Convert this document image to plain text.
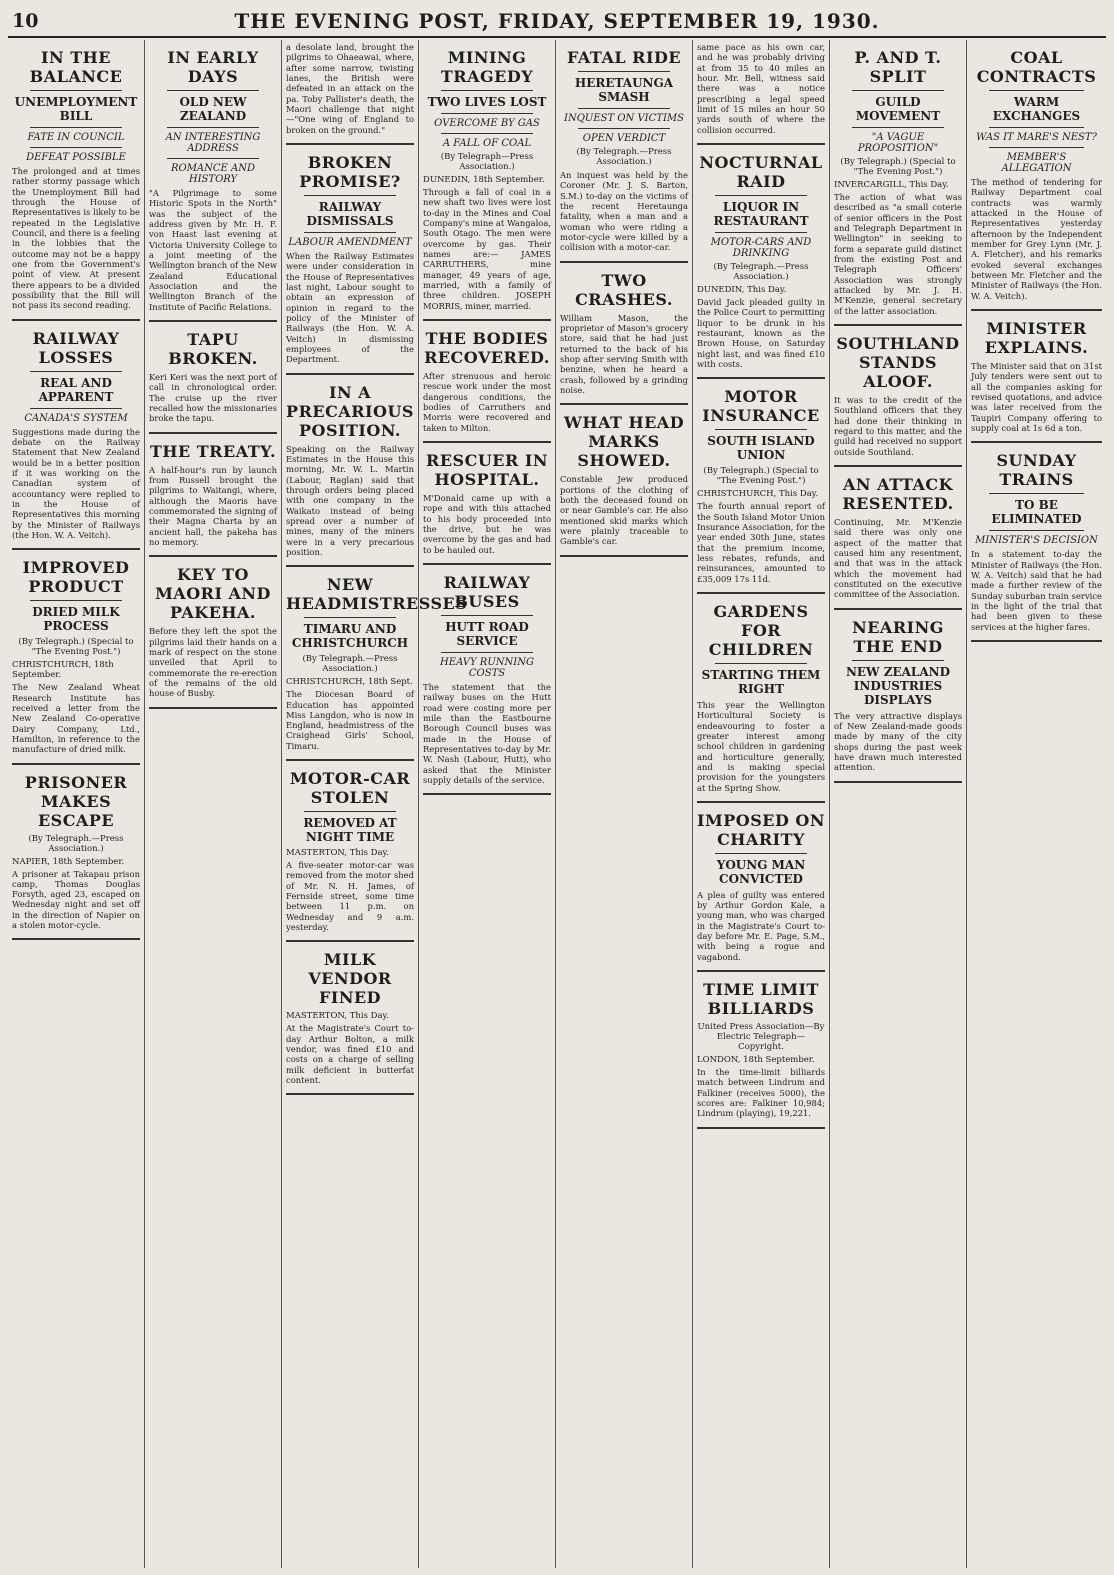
10	THE EVENING POST, FRIDAY, SEPTEMBER 19, 1930.
IN THE BALANCE
UNEMPLOYMENT BILL
FATE IN COUNCIL
DEFEAT POSSIBLE
The prolonged and at times rather stormy passage which the Unemployment Bill had through the House of Representatives is likely to be repeated in the Legislative Council, and there is a feeling in the lobbies that the outcome may not be a happy one from the Government's point of view. At present there appears to be a divided possibility that the Bill will not pass its second reading.
RAILWAY LOSSES
REAL AND APPARENT
CANADA'S SYSTEM
Suggestions made during the debate on the Railway Statement that New Zealand would be in a better position if it was working on the Canadian system of accountancy were replied to in the House of Representatives this morning by the Minister of Railways (the Hon. W. A. Veitch).
IMPROVED PRODUCT
DRIED MILK PROCESS
(By Telegraph.) (Special to "The Evening Post.")
CHRISTCHURCH, 18th September.
The New Zealand Wheat Research Institute has received a letter from the New Zealand Co-operative Dairy Company, Ltd., Hamilton, in reference to the manufacture of dried milk.
PRISONER MAKES ESCAPE
(By Telegraph.—Press Association.)
NAPIER, 18th September.
A prisoner at Takapau prison camp, Thomas Douglas Forsyth, aged 23, escaped on Wednesday night and set off in the direction of Napier on a stolen motor-cycle.
IN EARLY DAYS
OLD NEW ZEALAND
AN INTERESTING ADDRESS
ROMANCE AND HISTORY
"A Pilgrimage to some Historic Spots in the North" was the subject of the address given by Mr. H. F. von Haast last evening at Victoria University College to a joint meeting of the Wellington branch of the New Zealand Educational Association and the Wellington Branch of the Institute of Pacific Relations.
TAPU BROKEN.
Keri Keri was the next port of call in chronological order. The cruise up the river recalled how the missionaries broke the tapu.
THE TREATY.
A half-hour's run by launch from Russell brought the pilgrims to Waitangi, where, although the Maoris have commemorated the signing of their Magna Charta by an ancient hall, the pakeha has no memory.
KEY TO MAORI AND PAKEHA.
Before they left the spot the pilgrims laid their hands on a mark of respect on the stone unveiled that April to commemorate the re-erection of the remains of the old house of Busby.
a desolate land, brought the pilgrims to Ohaeawai, where, after some narrow, twisting lanes, the British were defeated in an attack on the pa. Toby Pallister's death, the Maori challenge that night—"One wing of England to broken on the ground."
BROKEN PROMISE?
RAILWAY DISMISSALS
LABOUR AMENDMENT
When the Railway Estimates were under consideration in the House of Representatives last night, Labour sought to obtain an expression of opinion in regard to the policy of the Minister of Railways (the Hon. W. A. Veitch) in dismissing employees of the Department.
IN A PRECARIOUS POSITION.
Speaking on the Railway Estimates in the House this morning, Mr. W. L. Martin (Labour, Raglan) said that through orders being placed with one company in the Waikato instead of being spread over a number of mines, many of the miners were in a very precarious position.
NEW HEADMISTRESSES
TIMARU AND CHRISTCHURCH
(By Telegraph.—Press Association.)
CHRISTCHURCH, 18th Sept.
The Diocesan Board of Education has appointed Miss Langdon, who is now in England, headmistress of the Craighead Girls' School, Timaru.
MOTOR-CAR STOLEN
REMOVED AT NIGHT TIME
MASTERTON, This Day.
A five-seater motor-car was removed from the motor shed of Mr. N. H. James, of Fernside street, some time between 11 p.m. on Wednesday and 9 a.m. yesterday.
MILK VENDOR FINED
MASTERTON, This Day.
At the Magistrate's Court to-day Arthur Bolton, a milk vendor, was fined £10 and costs on a charge of selling milk deficient in butterfat content.
MINING TRAGEDY
TWO LIVES LOST
OVERCOME BY GAS
A FALL OF COAL
(By Telegraph—Press Association.)
DUNEDIN, 18th September.
Through a fall of coal in a new shaft two lives were lost to-day in the Mines and Coal Company's mine at Wangaloa, South Otago. The men were overcome by gas. Their names are:— JAMES CARRUTHERS, mine manager, 49 years of age, married, with a family of three children. JOSEPH MORRIS, miner, married.
THE BODIES RECOVERED.
After strenuous and heroic rescue work under the most dangerous conditions, the bodies of Carruthers and Morris were recovered and taken to Milton.
RESCUER IN HOSPITAL.
M'Donald came up with a rope and with this attached to his body proceeded into the drive, but he was overcome by the gas and had to be hauled out.
RAILWAY BUSES
HUTT ROAD SERVICE
HEAVY RUNNING COSTS
The statement that the railway buses on the Hutt road were costing more per mile than the Eastbourne Borough Council buses was made in the House of Representatives to-day by Mr. W. Nash (Labour, Hutt), who asked that the Minister supply details of the service.
FATAL RIDE
HERETAUNGA SMASH
INQUEST ON VICTIMS
OPEN VERDICT
(By Telegraph.—Press Association.)
An inquest was held by the Coroner (Mr. J. S. Barton, S.M.) to-day on the victims of the recent Heretaunga fatality, when a man and a woman who were riding a motor-cycle were killed by a collision with a motor-car.
TWO CRASHES.
William Mason, the proprietor of Mason's grocery store, said that he had just returned to the back of his shop after serving Smith with benzine, when he heard a crash, followed by a grinding noise.
WHAT HEAD MARKS SHOWED.
Constable Jew produced portions of the clothing of both the deceased found on or near Gamble's car. He also mentioned skid marks which were plainly traceable to Gamble's car.
same pace as his own car, and he was probably driving at from 35 to 40 miles an hour. Mr. Bell, witness said there was a notice prescribing a legal speed limit of 15 miles an hour 50 yards south of where the collision occurred.
NOCTURNAL RAID
LIQUOR IN RESTAURANT
MOTOR-CARS AND DRINKING
(By Telegraph.—Press Association.)
DUNEDIN, This Day.
David Jack pleaded guilty in the Police Court to permitting liquor to be drunk in his restaurant, known as the Brown House, on Saturday night last, and was fined £10 with costs.
MOTOR INSURANCE
SOUTH ISLAND UNION
(By Telegraph.) (Special to "The Evening Post.")
CHRISTCHURCH, This Day.
The fourth annual report of the South Island Motor Union Insurance Association, for the year ended 30th June, states that the premium income, less rebates, refunds, and reinsurances, amounted to £35,009 17s 11d.
GARDENS FOR CHILDREN
STARTING THEM RIGHT
This year the Wellington Horticultural Society is endeavouring to foster a greater interest among school children in gardening and horticulture generally, and is making special provision for the youngsters at the Spring Show.
IMPOSED ON CHARITY
YOUNG MAN CONVICTED
A plea of guilty was entered by Arthur Gordon Kale, a young man, who was charged in the Magistrate's Court to-day before Mr. E. Page, S.M., with being a rogue and vagabond.
TIME LIMIT BILLIARDS
United Press Association—By Electric Telegraph—Copyright.
LONDON, 18th September.
In the time-limit billiards match between Lindrum and Falkiner (receives 5000), the scores are: Falkiner 10,984; Lindrum (playing), 19,221.
P. AND T. SPLIT
GUILD MOVEMENT
"A VAGUE PROPOSITION"
(By Telegraph.) (Special to "The Evening Post.")
INVERCARGILL, This Day.
The action of what was described as "a small coterie of senior officers in the Post and Telegraph Department in Wellington" in seeking to form a separate guild distinct from the existing Post and Telegraph Officers' Association was strongly attacked by Mr. J. H. M'Kenzie, general secretary of the latter association.
SOUTHLAND STANDS ALOOF.
It was to the credit of the Southland officers that they had done their thinking in regard to this matter, and the guild had received no support outside Southland.
AN ATTACK RESENTED.
Continuing, Mr. M'Kenzie said there was only one aspect of the matter that caused him any resentment, and that was in the attack which the movement had constituted on the executive committee of the Association.
NEARING THE END
NEW ZEALAND INDUSTRIES DISPLAYS
The very attractive displays of New Zealand-made goods made by many of the city shops during the past week have drawn much interested attention.
COAL CONTRACTS
WARM EXCHANGES
WAS IT MARE'S NEST?
MEMBER'S ALLEGATION
The method of tendering for Railway Department coal contracts was warmly attacked in the House of Representatives yesterday afternoon by the Independent member for Grey Lynn (Mr. J. A. Fletcher), and his remarks evoked several exchanges between Mr. Fletcher and the Minister of Railways (the Hon. W. A. Veitch).
MINISTER EXPLAINS.
The Minister said that on 31st July tenders were sent out to all the companies asking for revised quotations, and advice was later received from the Taupiri Company offering to supply coal at 1s 6d a ton.
SUNDAY TRAINS
TO BE ELIMINATED
MINISTER'S DECISION
In a statement to-day the Minister of Railways (the Hon. W. A. Veitch) said that he had made a further review of the Sunday suburban train service in the light of the trial that had been given to these services at the higher fares.
